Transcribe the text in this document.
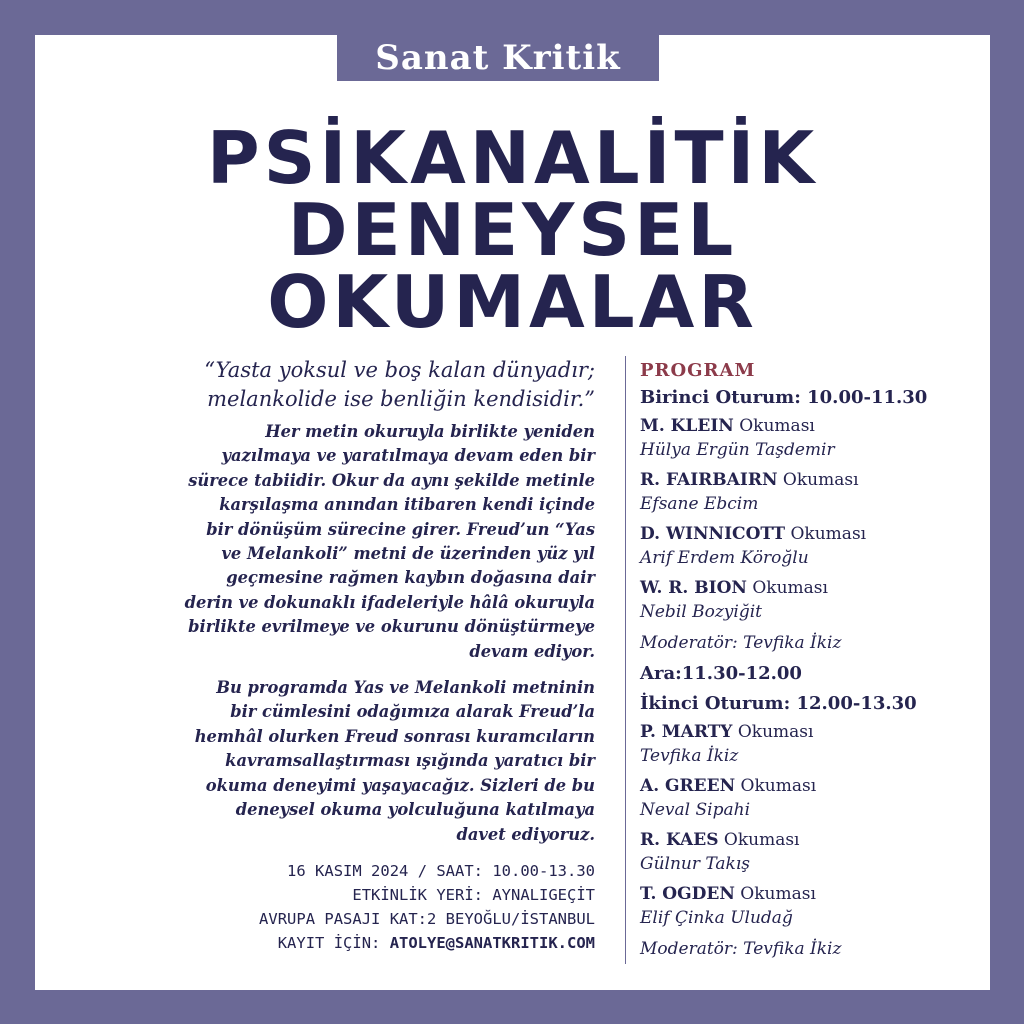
Sanat Kritik
PSİKANALİTİK
DENEYSEL
OKUMALAR

“Yasta yoksul ve boş kalan dünyadır;
melankolide ise benliğin kendisidir.”

Her metin okuruyla birlikte yeniden
yazılmaya ve yaratılmaya devam eden bir
sürece tabiidir. Okur da aynı şekilde metinle
karşılaşma anından itibaren kendi içinde
bir dönüşüm sürecine girer. Freud’un “Yas
ve Melankoli” metni de üzerinden yüz yıl
geçmesine rağmen kaybın doğasına dair
derin ve dokunaklı ifadeleriyle hâlâ okuruyla
birlikte evrilmeye ve okurunu dönüştürmeye
devam ediyor.

Bu programda Yas ve Melankoli metninin
bir cümlesini odağımıza alarak Freud’la
hemhâl olurken Freud sonrası kuramcıların
kavramsallaştırması ışığında yaratıcı bir
okuma deneyimi yaşayacağız. Sizleri de bu
deneysel okuma yolculuğuna katılmaya
davet ediyoruz.

16 KASIM 2024 / SAAT: 10.00-13.30
ETKİNLİK YERİ: AYNALIGEÇİT
AVRUPA PASAJI KAT:2 BEYOĞLU/İSTANBUL
KAYIT İÇİN: ATOLYE@SANATKRITIK.COM
PROGRAM
Birinci Oturum: 10.00-11.30
M. KLEIN Okuması
Hülya Ergün Taşdemir
R. FAIRBAIRN Okuması
Efsane Ebcim
D. WINNICOTT Okuması
Arif Erdem Köroğlu
W. R. BION Okuması
Nebil Bozyiğit
Moderatör: Tevfika İkiz
Ara:11.30-12.00
İkinci Oturum: 12.00-13.30
P. MARTY Okuması
Tevfika İkiz
A. GREEN Okuması
Neval Sipahi
R. KAES Okuması
Gülnur Takış
T. OGDEN Okuması
Elif Çinka Uludağ
Moderatör: Tevfika İkiz
